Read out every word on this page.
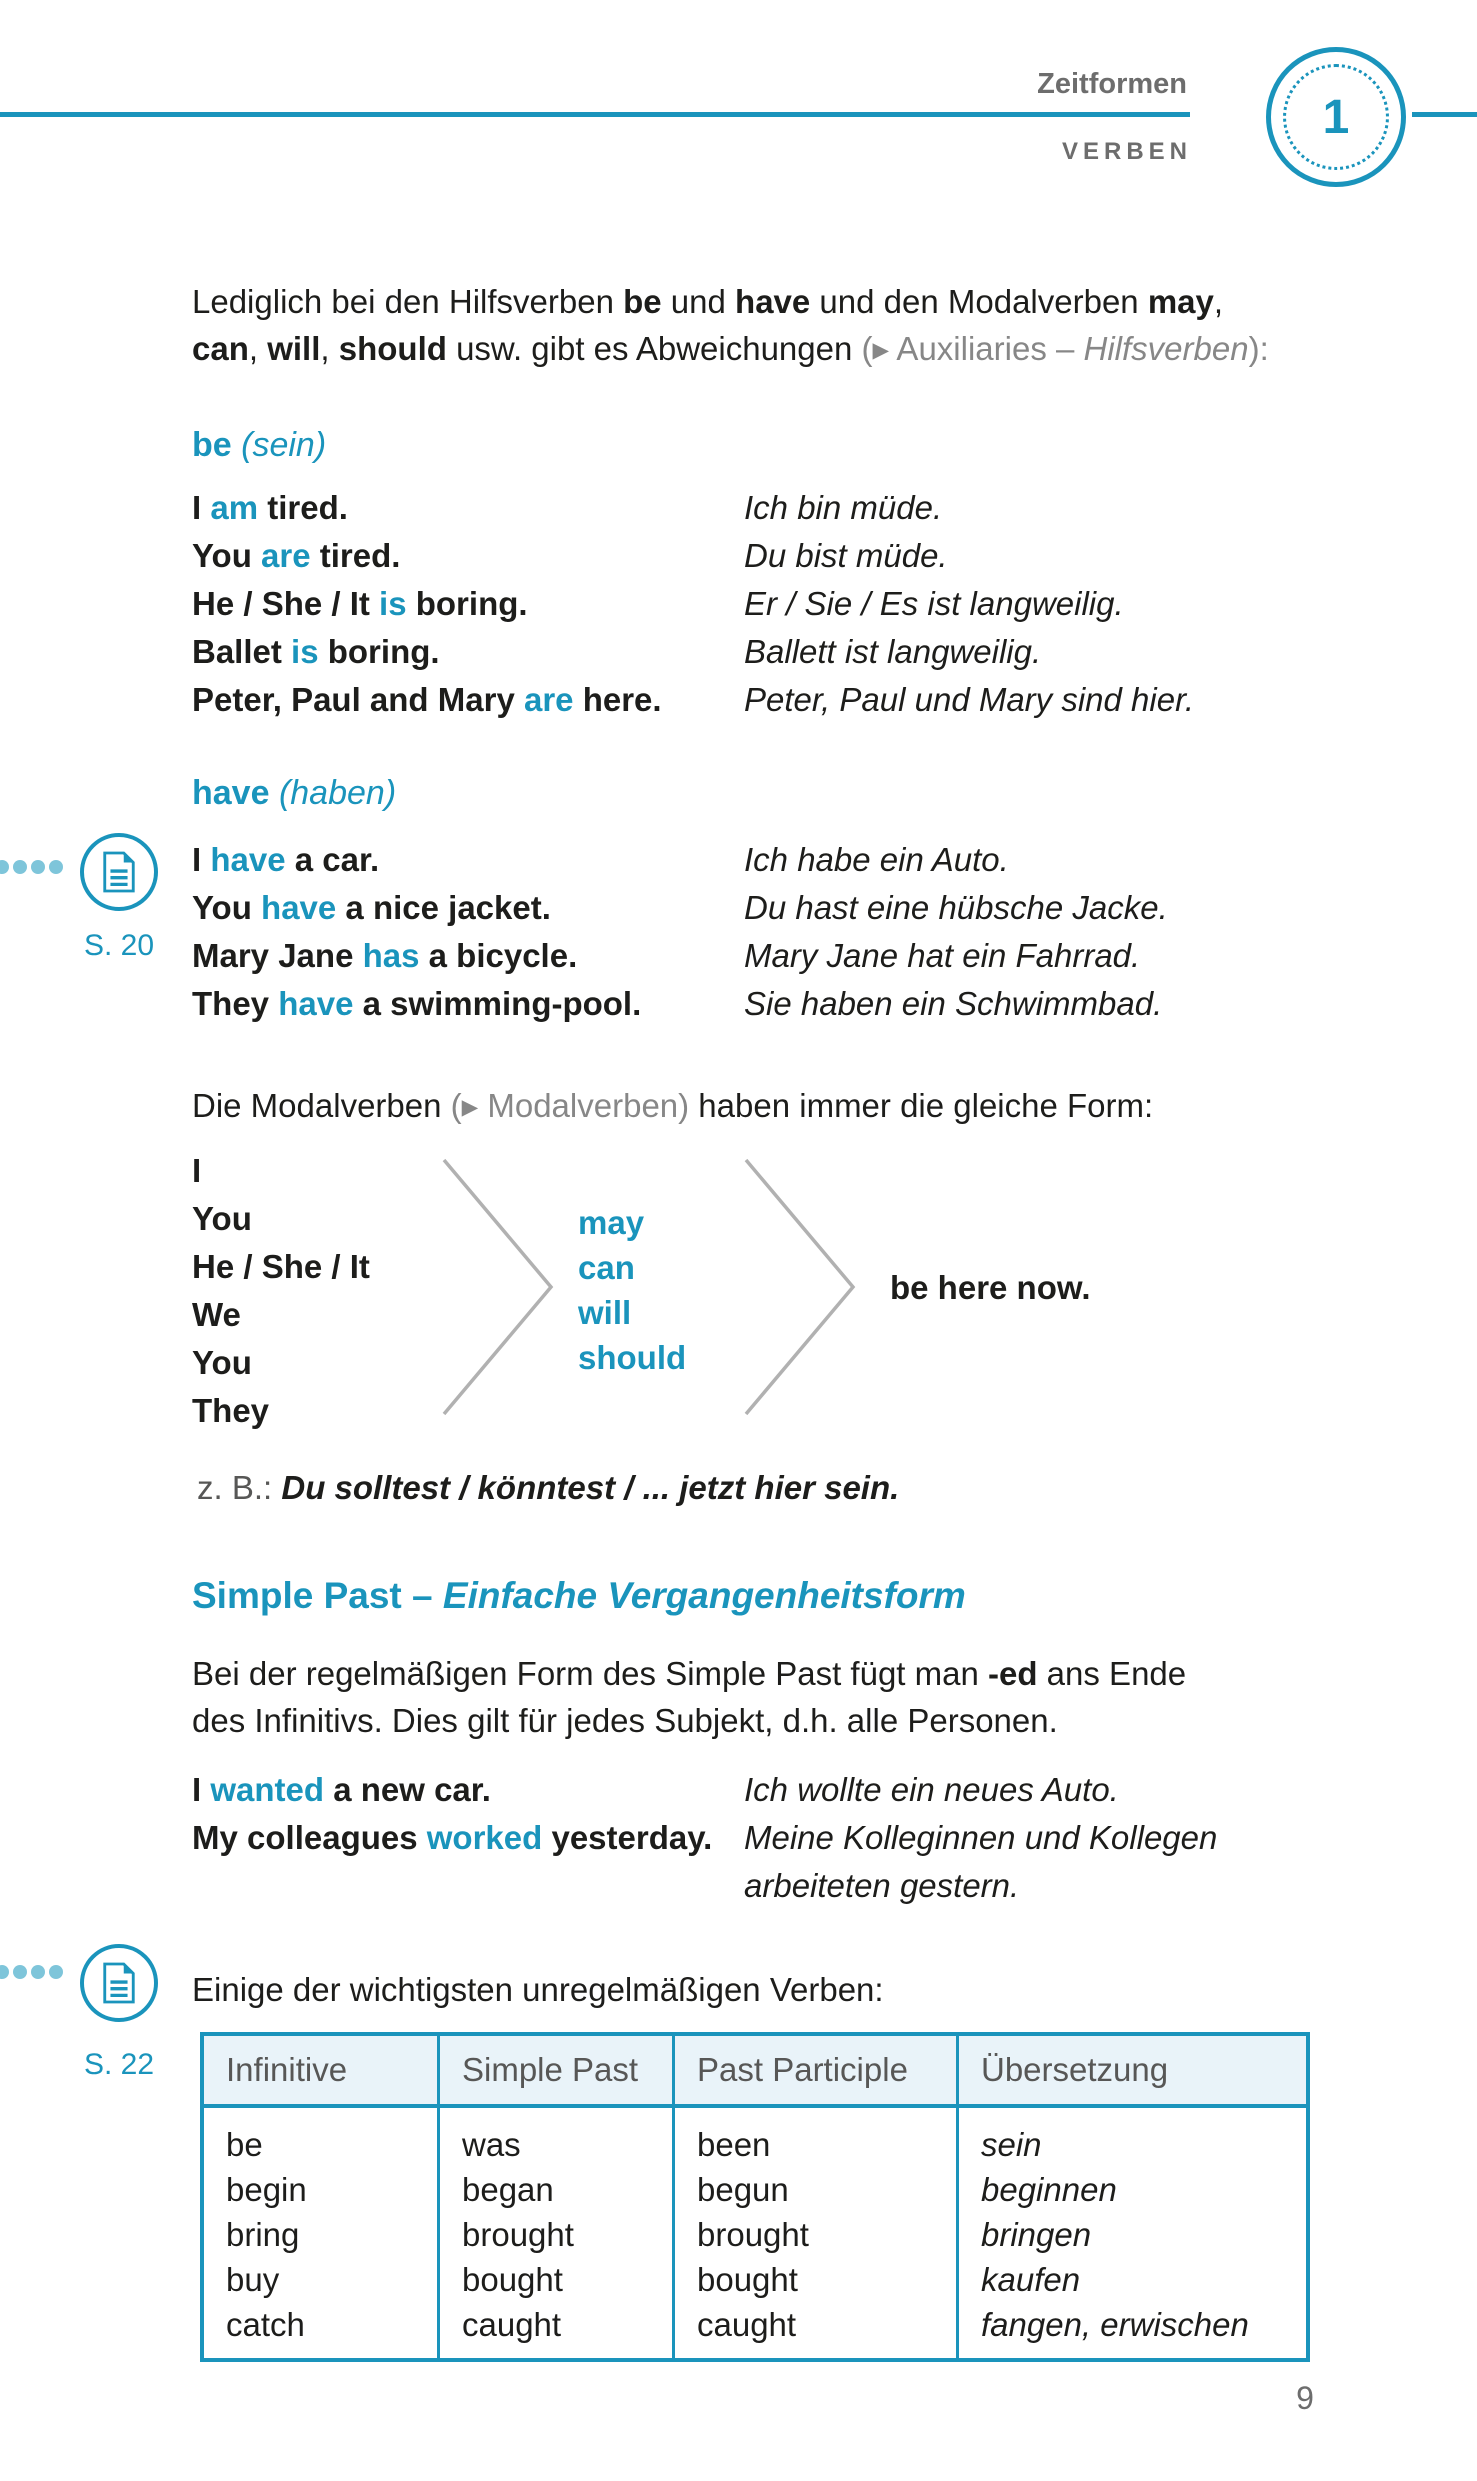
Zeitformen
VERBEN
1
Lediglich bei den Hilfsverben be und have und den Modalverben may,
can, will, should usw. gibt es Abweichungen (▸ Auxiliaries – Hilfsverben):
be (sein)
I am tired.	Ich bin müde.
You are tired.	Du bist müde.
He / She / It is boring.	Er / Sie / Es ist langweilig.
Ballet is boring.	Ballett ist langweilig.
Peter, Paul and Mary are here.	Peter, Paul und Mary sind hier.
have (haben)
I have a car.	Ich habe ein Auto.
You have a nice jacket.	Du hast eine hübsche Jacke.
Mary Jane has a bicycle.	Mary Jane hat ein Fahrrad.
They have a swimming-pool.	Sie haben ein Schwimmbad.
S. 20
Die Modalverben (▸ Modalverben) haben immer die gleiche Form:
I
You
He / She / It
We
You
They
may
can
will
should
be here now.
z. B.: Du solltest / könntest / ... jetzt hier sein.
Simple Past – Einfache Vergangenheitsform
Bei der regelmäßigen Form des Simple Past fügt man -ed ans Ende
des Infinitivs. Dies gilt für jedes Subjekt, d.h. alle Personen.
I wanted a new car.	Ich wollte ein neues Auto.
My colleagues worked yesterday. Meine Kolleginnen und Kollegen
arbeiteten gestern.
S. 22
Einige der wichtigsten unregelmäßigen Verben:
Infinitive	Simple Past	Past Participle	Übersetzung
be	was	been	sein
begin	began	begun	beginnen
bring	brought	brought	bringen
buy	bought	bought	kaufen
catch	caught	caught	fangen, erwischen
9
